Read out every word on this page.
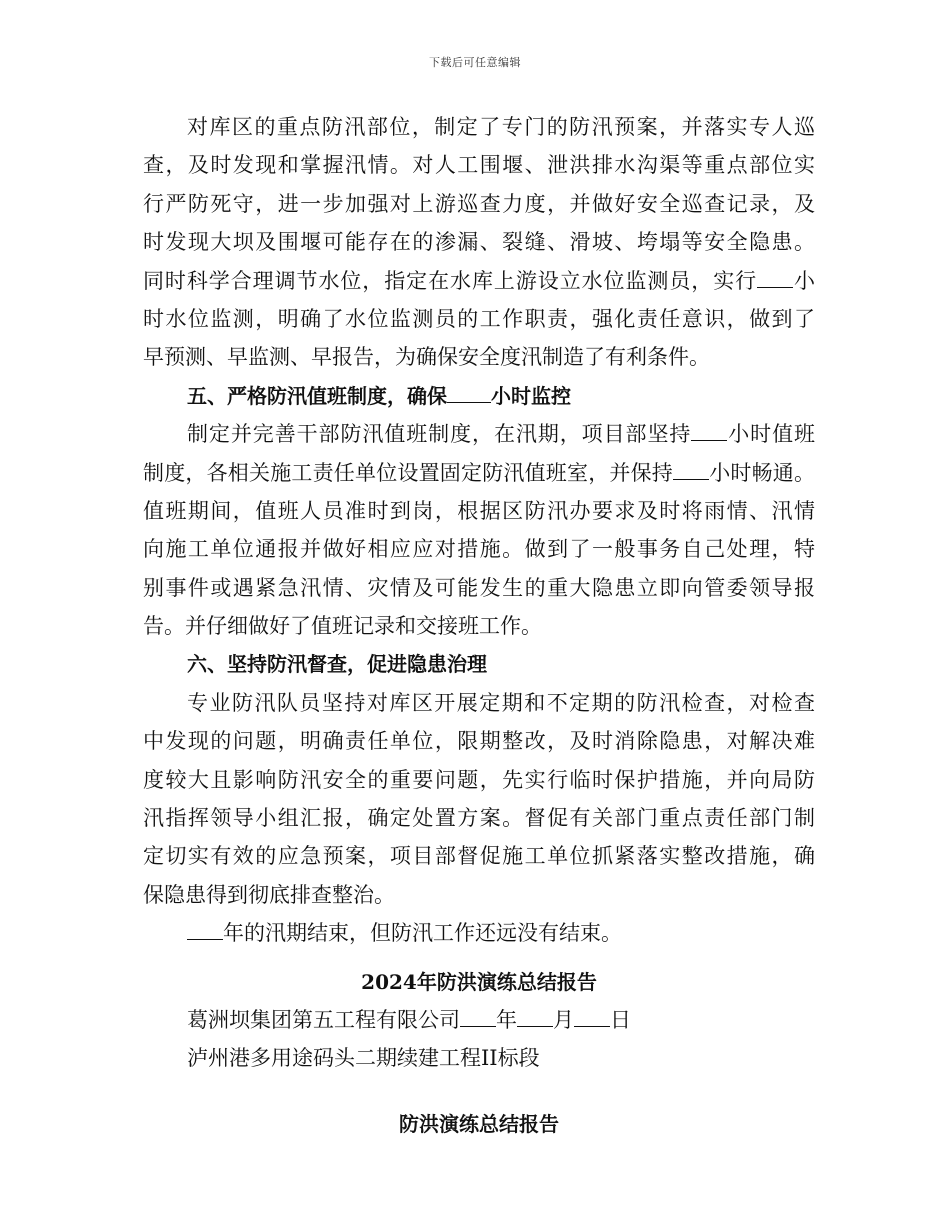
下载后可任意编辑
对库区的重点防汛部位，制定了专门的防汛预案，并落实专人巡
查，及时发现和掌握汛情。对人工围堰、泄洪排水沟渠等重点部位实
行严防死守，进一步加强对上游巡查力度，并做好安全巡查记录，及
时发现大坝及围堰可能存在的渗漏、裂缝、滑坡、垮塌等安全隐患。
同时科学合理调节水位，指定在水库上游设立水位监测员，实行 小
时水位监测，明确了水位监测员的工作职责，强化责任意识，做到了
早预测、早监测、早报告，为确保安全度汛制造了有利条件。
五、严格防汛值班制度，确保 小时监控
制定并完善干部防汛值班制度，在汛期，项目部坚持 小时值班
制度，各相关施工责任单位设置固定防汛值班室，并保持 小时畅通。
值班期间，值班人员准时到岗，根据区防汛办要求及时将雨情、汛情
向施工单位通报并做好相应应对措施。做到了一般事务自己处理，特
别事件或遇紧急汛情、灾情及可能发生的重大隐患立即向管委领导报
告。并仔细做好了值班记录和交接班工作。
六、坚持防汛督查，促进隐患治理
专业防汛队员坚持对库区开展定期和不定期的防汛检查，对检查
中发现的问题，明确责任单位，限期整改，及时消除隐患，对解决难
度较大且影响防汛安全的重要问题，先实行临时保护措施，并向局防
汛指挥领导小组汇报，确定处置方案。督促有关部门重点责任部门制
定切实有效的应急预案，项目部督促施工单位抓紧落实整改措施，确
保隐患得到彻底排查整治。
年的汛期结束，但防汛工作还远没有结束。
2024年防洪演练总结报告
葛洲坝集团第五工程有限公司 年 月 日
泸州港多用途码头二期续建工程II标段
防洪演练总结报告
